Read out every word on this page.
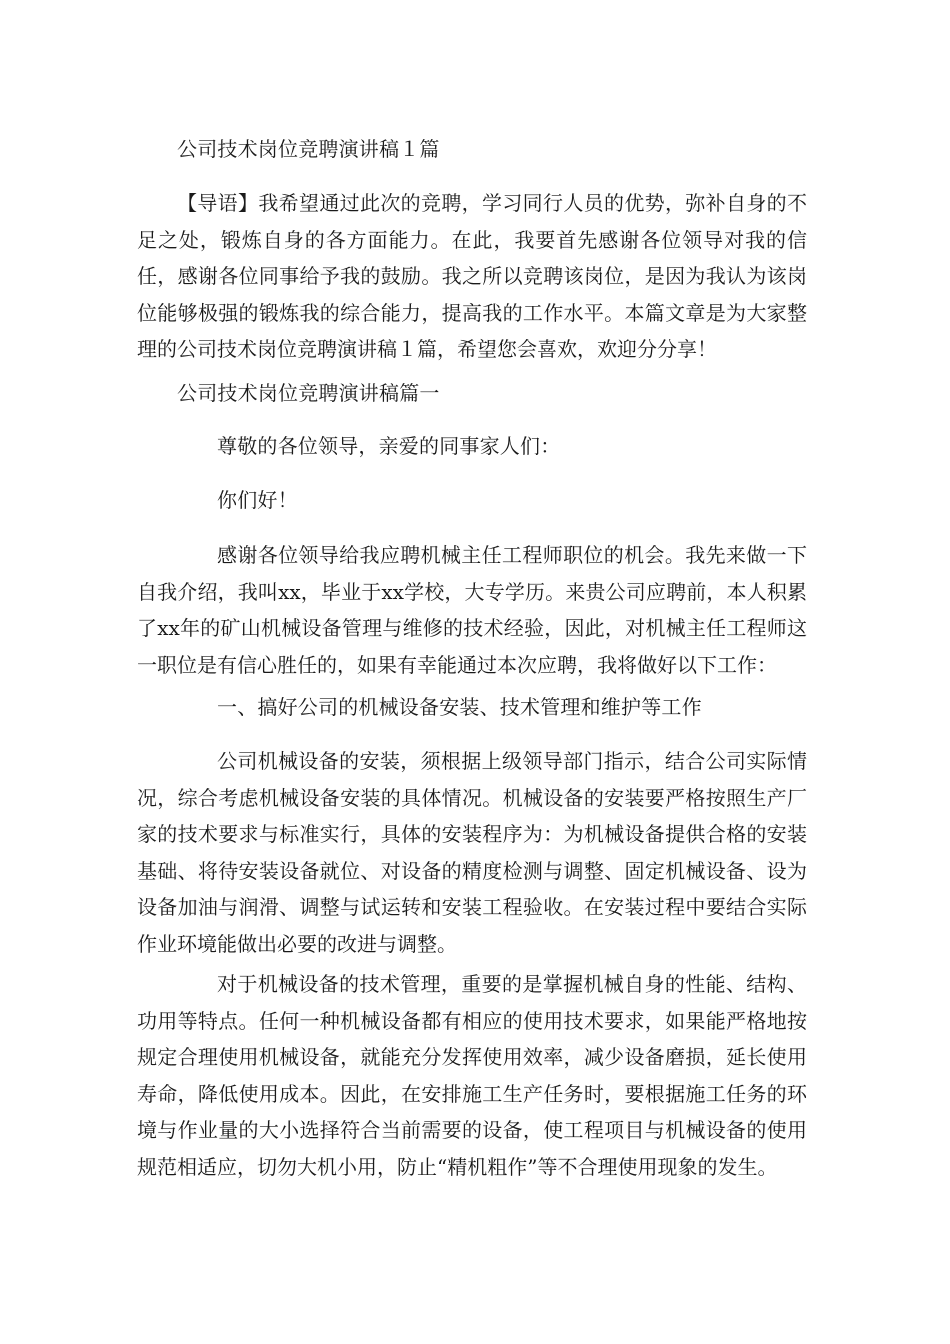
公司技术岗位竞聘演讲稿１篇
【导语】我希望通过此次的竞聘，学习同行人员的优势，弥补自身的不足之处，锻炼自身的各方面能力。在此，我要首先感谢各位领导对我的信任，感谢各位同事给予我的鼓励。我之所以竞聘该岗位，是因为我认为该岗位能够极强的锻炼我的综合能力，提高我的工作水平。本篇文章是为大家整理的公司技术岗位竞聘演讲稿１篇，希望您会喜欢，欢迎分分享！
公司技术岗位竞聘演讲稿篇一
尊敬的各位领导，亲爱的同事家人们：
你们好！
感谢各位领导给我应聘机械主任工程师职位的机会。我先来做一下自我介绍，我叫xx，毕业于xx学校，大专学历。来贵公司应聘前，本人积累了xx年的矿山机械设备管理与维修的技术经验，因此，对机械主任工程师这一职位是有信心胜任的，如果有幸能通过本次应聘，我将做好以下工作：
一、搞好公司的机械设备安装、技术管理和维护等工作
公司机械设备的安装，须根据上级领导部门指示，结合公司实际情况，综合考虑机械设备安装的具体情况。机械设备的安装要严格按照生产厂家的技术要求与标准实行，具体的安装程序为：为机械设备提供合格的安装基础、将待安装设备就位、对设备的精度检测与调整、固定机械设备、设为设备加油与润滑、调整与试运转和安装工程验收。在安装过程中要结合实际作业环境能做出必要的改进与调整。
对于机械设备的技术管理，重要的是掌握机械自身的性能、结构、功用等特点。任何一种机械设备都有相应的使用技术要求，如果能严格地按规定合理使用机械设备，就能充分发挥使用效率，减少设备磨损，延长使用寿命，降低使用成本。因此，在安排施工生产任务时，要根据施工任务的环境与作业量的大小选择符合当前需要的设备，使工程项目与机械设备的使用规范相适应，切勿大机小用，防止“精机粗作”等不合理使用现象的发生。
